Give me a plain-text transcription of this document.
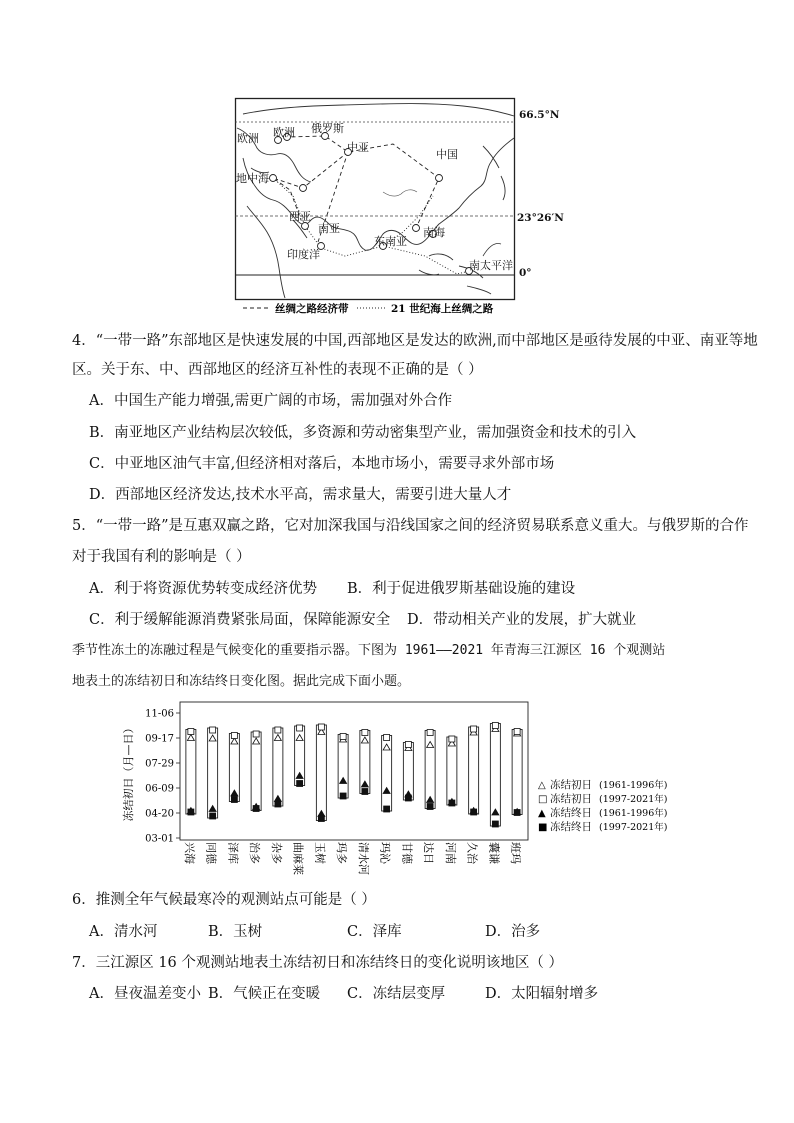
欧洲 欧洲 俄罗斯
中亚
中国
地中海
西亚
南亚
东南亚
南海
印度洋
南太平洋
66.5°N
23°26′N
0°
丝绸之路经济带	21 世纪海上丝绸之路
4．“一带一路”东部地区是快速发展的中国,西部地区是发达的欧洲,而中部地区是亟待发展的中亚、南亚等地
区。关于东、中、西部地区的经济互补性的表现不正确的是（ ）
A．中国生产能力增强,需更广阔的市场，需加强对外合作
B．南亚地区产业结构层次较低，多资源和劳动密集型产业，需加强资金和技术的引入
C．中亚地区油气丰富,但经济相对落后，本地市场小，需要寻求外部市场
D．西部地区经济发达,技术水平高，需求量大，需要引进大量人才
5．“一带一路”是互惠双赢之路，它对加深我国与沿线国家之间的经济贸易联系意义重大。与俄罗斯的合作
对于我国有利的影响是（ ）
A．利于将资源优势转变成经济优势 B．利于促进俄罗斯基础设施的建设
C．利于缓解能源消费紧张局面，保障能源安全 D．带动相关产业的发展，扩大就业
季节性冻土的冻融过程是气候变化的重要指示器。下图为 1961——2021 年青海三江源区 16 个观测站
地表土的冻结初日和冻结终日变化图。据此完成下面小题。
11-06
09-17
07-29
06-09
04-20
03-01
兴海 同德 泽库 治多 杂多 曲麻莱 玉树 玛多 清水河 玛沁 甘德 达日 河南 久治 囊谦 班玛
△ 冻结初日 (1961-1996年)
□ 冻结初日 (1997-2021年)
▲ 冻结终日 (1961-1996年)
■ 冻结终日 (1997-2021年)
冻结初日（月—日）
6．推测全年气候最寒冷的观测站点可能是（ ）
A．清水河	B．玉树	C．泽库	D．治多
7．三江源区 16 个观测站地表土冻结初日和冻结终日的变化说明该地区（ ）
A．昼夜温差变小 B．气候正在变暖 C．冻结层变厚	D．太阳辐射增多
